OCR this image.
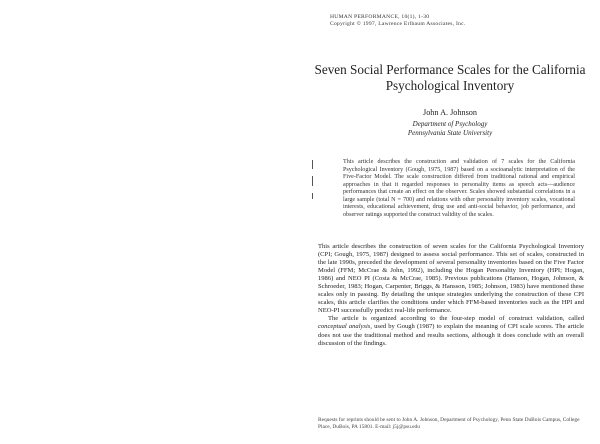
HUMAN PERFORMANCE, 10(1), 1-30
Copyright © 1997, Lawrence Erlbaum Associates, Inc.
Seven Social Performance Scales for the California Psychological Inventory
John A. Johnson
Department of Psychology
Pennsylvania State University
This article describes the construction and validation of 7 scales for the California Psychological Inventory (Gough, 1975, 1987) based on a socioanalytic interpretation of the Five-Factor Model. The scale construction differed from traditional rational and empirical approaches in that it regarded responses to personality items as speech acts—audience performances that create an effect on the observer. Scales showed substantial correlations in a large sample (total N = 700) and relations with other personality inventory scales, vocational interests, educational achievement, drug use and anti-social behavior, job performance, and observer ratings supported the construct validity of the scales.

This article describes the construction of seven scales for the California Psychological Inventory (CPI; Gough, 1975, 1987) designed to assess social performance. This set of scales, constructed in the late 1990s, preceded the development of several personality inventories based on the Five Factor Model (FFM; McCrae & John, 1992), including the Hogan Personality Inventory (HPI; Hogan, 1986) and NEO PI (Costa & McCrae, 1985). Previous publications (Hanson, Hogan, Johnson, & Schroeder, 1983; Hogan, Carpenter, Briggs, & Hansson, 1985; Johnson, 1983) have mentioned these scales only in passing. By detailing the unique strategies underlying the construction of these CPI scales, this article clarifies the conditions under which FFM-based inventories such as the HPI and NEO-PI successfully predict real-life performance.

The article is organized according to the four-step model of construct validation, called conceptual analysis, used by Gough (1987) to explain the meaning of CPI scale scores. The article does not use the traditional method and results sections, although it does conclude with an overall discussion of the findings.

Requests for reprints should be sent to John A. Johnson, Department of Psychology, Penn State DuBois Campus, College Place, DuBois, PA 15801. E-mail: j5j@psu.edu
